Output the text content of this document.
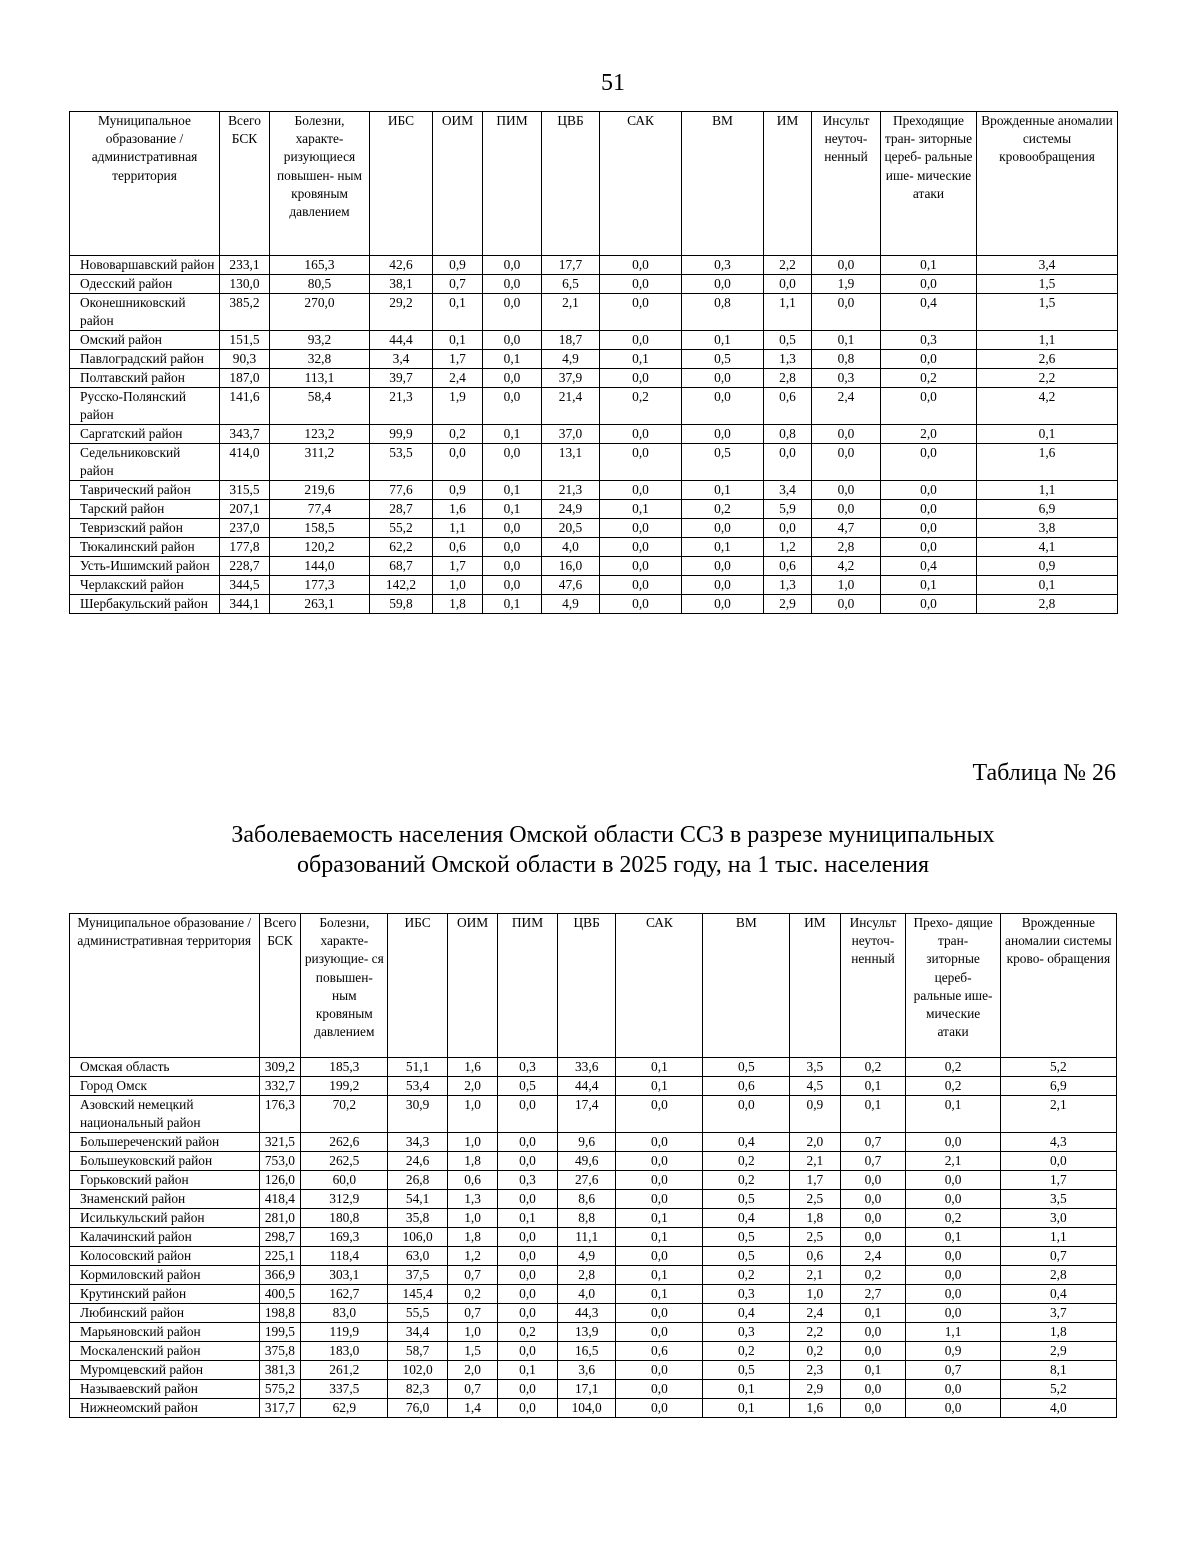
51
Муниципальное образование / административная территория	Всего БСК	Болезни, характе- ризующиеся повышен- ным кровяным давлением	ИБС	ОИМ	ПИМ	ЦВБ	САК	ВМ	ИМ	Инсульт неуточ- ненный	Преходящие тран- зиторные цереб- ральные ише- мические атаки	Врожденные аномалии системы кровообращения
Нововаршавский район	233,1	165,3	42,6	0,9	0,0	17,7	0,0	0,3	2,2	0,0	0,1	3,4
Одесский район	130,0	80,5	38,1	0,7	0,0	6,5	0,0	0,0	0,0	1,9	0,0	1,5
Оконешниковский район	385,2	270,0	29,2	0,1	0,0	2,1	0,0	0,8	1,1	0,0	0,4	1,5
Омский район	151,5	93,2	44,4	0,1	0,0	18,7	0,0	0,1	0,5	0,1	0,3	1,1
Павлоградский район	90,3	32,8	3,4	1,7	0,1	4,9	0,1	0,5	1,3	0,8	0,0	2,6
Полтавский район	187,0	113,1	39,7	2,4	0,0	37,9	0,0	0,0	2,8	0,3	0,2	2,2
Русско-Полянский район	141,6	58,4	21,3	1,9	0,0	21,4	0,2	0,0	0,6	2,4	0,0	4,2
Саргатский район	343,7	123,2	99,9	0,2	0,1	37,0	0,0	0,0	0,8	0,0	2,0	0,1
Седельниковский район	414,0	311,2	53,5	0,0	0,0	13,1	0,0	0,5	0,0	0,0	0,0	1,6
Таврический район	315,5	219,6	77,6	0,9	0,1	21,3	0,0	0,1	3,4	0,0	0,0	1,1
Тарский район	207,1	77,4	28,7	1,6	0,1	24,9	0,1	0,2	5,9	0,0	0,0	6,9
Тевризский район	237,0	158,5	55,2	1,1	0,0	20,5	0,0	0,0	0,0	4,7	0,0	3,8
Тюкалинский район	177,8	120,2	62,2	0,6	0,0	4,0	0,0	0,1	1,2	2,8	0,0	4,1
Усть-Ишимский район	228,7	144,0	68,7	1,7	0,0	16,0	0,0	0,0	0,6	4,2	0,4	0,9
Черлакский район	344,5	177,3	142,2	1,0	0,0	47,6	0,0	0,0	1,3	1,0	0,1	0,1
Шербакульский район	344,1	263,1	59,8	1,8	0,1	4,9	0,0	0,0	2,9	0,0	0,0	2,8
Таблица № 26
Заболеваемость населения Омской области ССЗ в разрезе муниципальных
образований Омской области в 2025 году, на 1 тыс. населения
Муниципальное образование / административная территория	Всего БСК	Болезни, характе- ризующие- ся повышен- ным кровяным давлением	ИБС	ОИМ	ПИМ	ЦВБ	САК	ВМ	ИМ	Инсульт неуточ- ненный	Прехо- дящие тран- зиторные цереб- ральные ише- мические атаки	Врожденные аномалии системы крово- обращения
Омская область	309,2	185,3	51,1	1,6	0,3	33,6	0,1	0,5	3,5	0,2	0,2	5,2
Город Омск	332,7	199,2	53,4	2,0	0,5	44,4	0,1	0,6	4,5	0,1	0,2	6,9
Азовский немецкий национальный район	176,3	70,2	30,9	1,0	0,0	17,4	0,0	0,0	0,9	0,1	0,1	2,1
Большереченский район	321,5	262,6	34,3	1,0	0,0	9,6	0,0	0,4	2,0	0,7	0,0	4,3
Большеуковский район	753,0	262,5	24,6	1,8	0,0	49,6	0,0	0,2	2,1	0,7	2,1	0,0
Горьковский район	126,0	60,0	26,8	0,6	0,3	27,6	0,0	0,2	1,7	0,0	0,0	1,7
Знаменский район	418,4	312,9	54,1	1,3	0,0	8,6	0,0	0,5	2,5	0,0	0,0	3,5
Исилькульский район	281,0	180,8	35,8	1,0	0,1	8,8	0,1	0,4	1,8	0,0	0,2	3,0
Калачинский район	298,7	169,3	106,0	1,8	0,0	11,1	0,1	0,5	2,5	0,0	0,1	1,1
Колосовский район	225,1	118,4	63,0	1,2	0,0	4,9	0,0	0,5	0,6	2,4	0,0	0,7
Кормиловский район	366,9	303,1	37,5	0,7	0,0	2,8	0,1	0,2	2,1	0,2	0,0	2,8
Крутинский район	400,5	162,7	145,4	0,2	0,0	4,0	0,1	0,3	1,0	2,7	0,0	0,4
Любинский район	198,8	83,0	55,5	0,7	0,0	44,3	0,0	0,4	2,4	0,1	0,0	3,7
Марьяновский район	199,5	119,9	34,4	1,0	0,2	13,9	0,0	0,3	2,2	0,0	1,1	1,8
Москаленский район	375,8	183,0	58,7	1,5	0,0	16,5	0,6	0,2	0,2	0,0	0,9	2,9
Муромцевский район	381,3	261,2	102,0	2,0	0,1	3,6	0,0	0,5	2,3	0,1	0,7	8,1
Называевский район	575,2	337,5	82,3	0,7	0,0	17,1	0,0	0,1	2,9	0,0	0,0	5,2
Нижнеомский район	317,7	62,9	76,0	1,4	0,0	104,0	0,0	0,1	1,6	0,0	0,0	4,0
